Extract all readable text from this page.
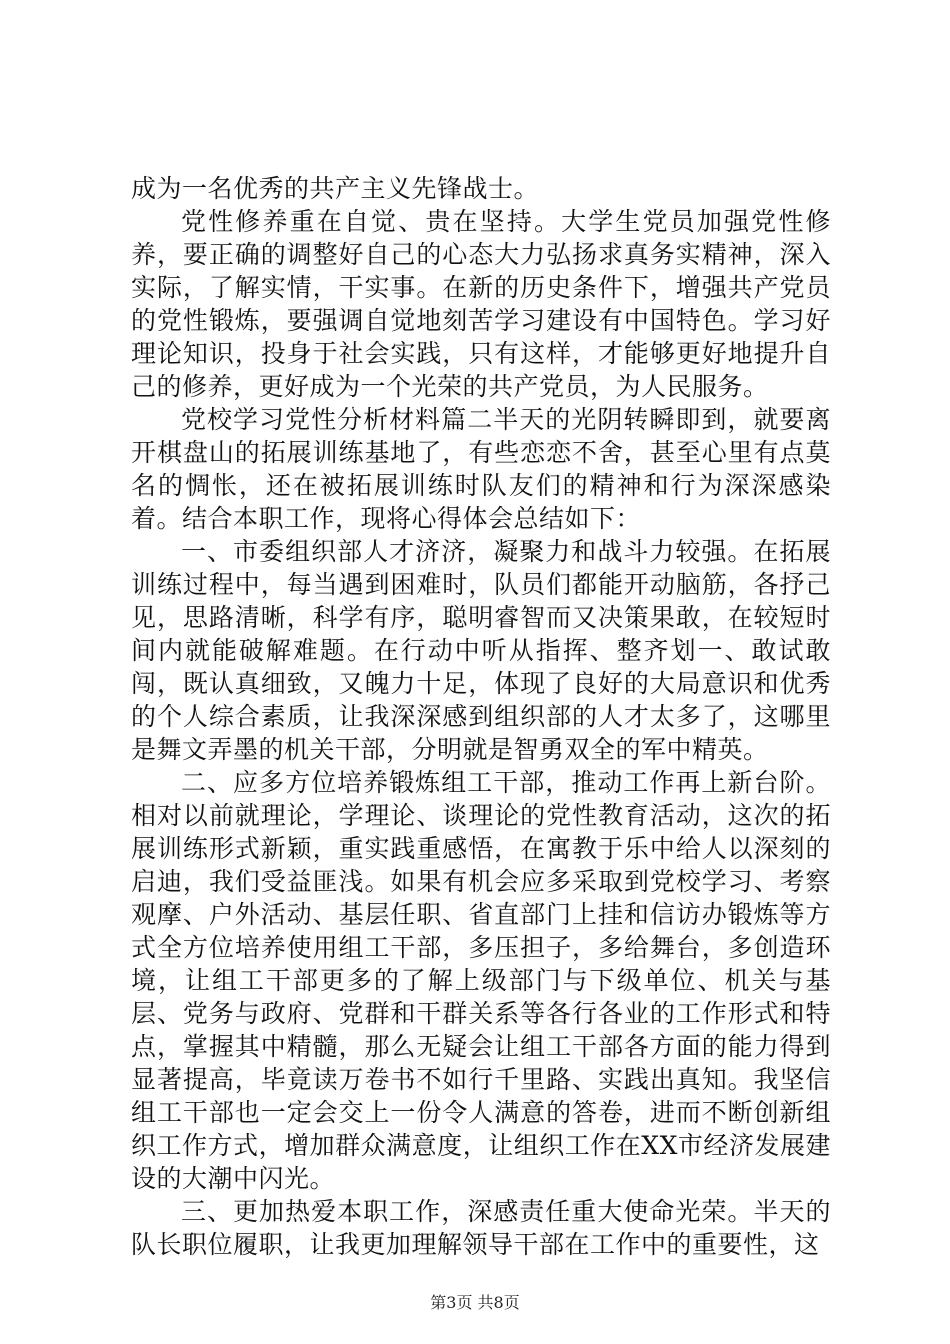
成为一名优秀的共产主义先锋战士。

党性修养重在自觉、贵在坚持。大学生党员加强党性修养，要正确的调整好自己的心态大力弘扬求真务实精神，深入实际，了解实情，干实事。在新的历史条件下，增强共产党员的党性锻炼，要强调自觉地刻苦学习建设有中国特色。学习好理论知识，投身于社会实践，只有这样，才能够更好地提升自己的修养，更好成为一个光荣的共产党员，为人民服务。

党校学习党性分析材料篇二半天的光阴转瞬即到，就要离开棋盘山的拓展训练基地了，有些恋恋不舍，甚至心里有点莫名的惆怅，还在被拓展训练时队友们的精神和行为深深感染着。结合本职工作，现将心得体会总结如下：

一、市委组织部人才济济，凝聚力和战斗力较强。在拓展训练过程中，每当遇到困难时，队员们都能开动脑筋，各抒己见，思路清晰，科学有序，聪明睿智而又决策果敢，在较短时间内就能破解难题。在行动中听从指挥、整齐划一、敢试敢闯，既认真细致，又魄力十足，体现了良好的大局意识和优秀的个人综合素质，让我深深感到组织部的人才太多了，这哪里是舞文弄墨的机关干部，分明就是智勇双全的军中精英。

二、应多方位培养锻炼组工干部，推动工作再上新台阶。相对以前就理论，学理论、谈理论的党性教育活动，这次的拓展训练形式新颖，重实践重感悟，在寓教于乐中给人以深刻的启迪，我们受益匪浅。如果有机会应多采取到党校学习、考察观摩、户外活动、基层任职、省直部门上挂和信访办锻炼等方式全方位培养使用组工干部，多压担子，多给舞台，多创造环境，让组工干部更多的了解上级部门与下级单位、机关与基层、党务与政府、党群和干群关系等各行各业的工作形式和特点，掌握其中精髓，那么无疑会让组工干部各方面的能力得到显著提高，毕竟读万卷书不如行千里路、实践出真知。我坚信组工干部也一定会交上一份令人满意的答卷，进而不断创新组织工作方式，增加群众满意度，让组织工作在XX市经济发展建设的大潮中闪光。

三、更加热爱本职工作，深感责任重大使命光荣。半天的队长职位履职，让我更加理解领导干部在工作中的重要性，这

第3页 共8页
